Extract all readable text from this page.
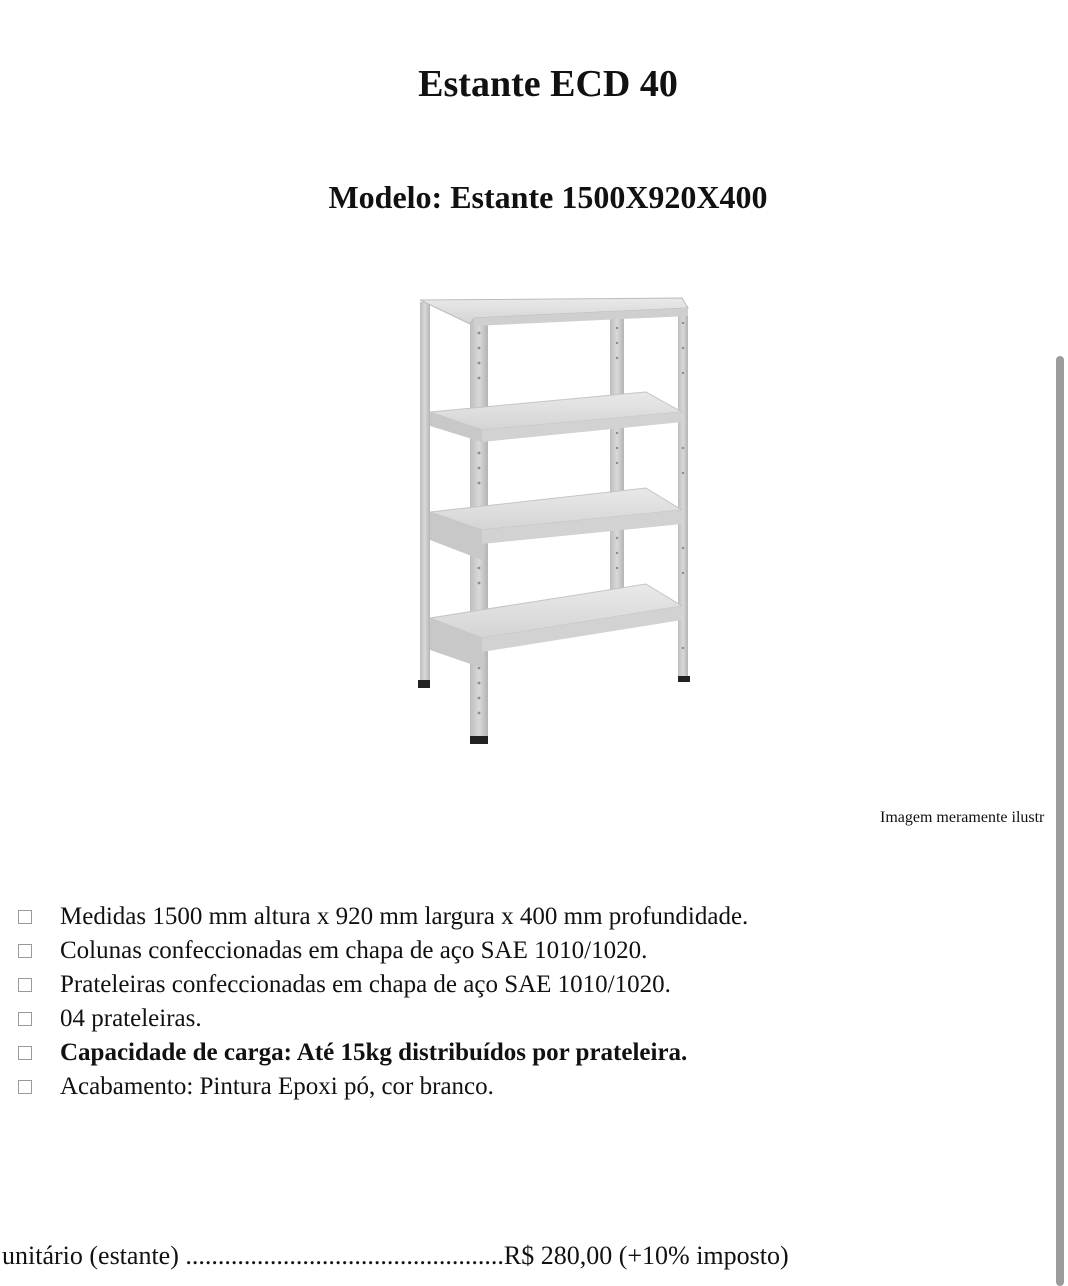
Estante ECD 40
Modelo: Estante 1500X920X400
Imagem meramente ilustr
Medidas 1500 mm altura x 920 mm largura x 400 mm profundidade.
Colunas confeccionadas em chapa de aço SAE 1010/1020.
Prateleiras confeccionadas em chapa de aço SAE 1010/1020.
04 prateleiras.
Capacidade de carga: Até 15kg distribuídos por prateleira.
Acabamento: Pintura Epoxi pó, cor branco.
unitário (estante) .................................................R$ 280,00 (+10% imposto)
